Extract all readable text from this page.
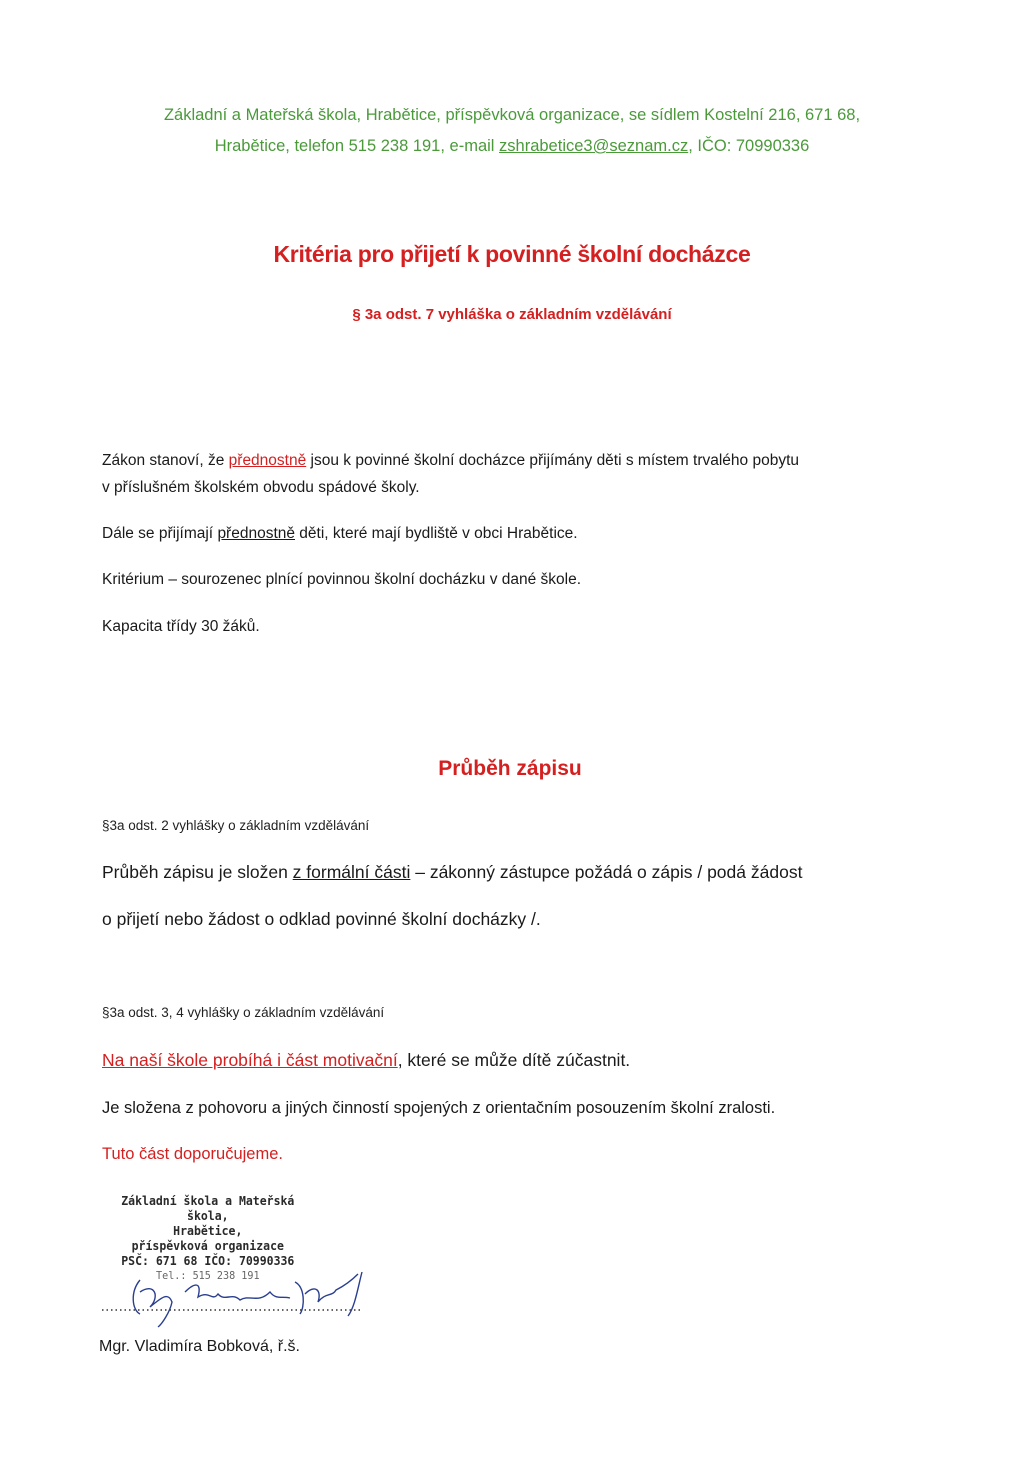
Základní a Mateřská škola, Hrabětice, příspěvková organizace, se sídlem Kostelní 216, 671 68,
Hrabětice, telefon 515 238 191, e-mail zshrabetice3@seznam.cz, IČO: 70990336
Kritéria pro přijetí k povinné školní docházce
§ 3a odst. 7 vyhláška o základním vzdělávání
Zákon stanoví, že přednostně jsou k povinné školní docházce přijímány děti s místem trvalého pobytu
v příslušném školském obvodu spádové školy.
Dále se přijímají přednostně děti, které mají bydliště v obci Hrabětice.
Kritérium – sourozenec plnící povinnou školní docházku v dané škole.
Kapacita třídy 30 žáků.
Průběh zápisu
§3a odst. 2 vyhlášky o základním vzdělávání
Průběh zápisu je složen z formální části – zákonný zástupce požádá o zápis / podá žádost
o přijetí nebo žádost o odklad povinné školní docházky /.
§3a odst. 3, 4 vyhlášky o základním vzdělávání
Na naší škole probíhá i část motivační, které se může dítě zúčastnit.
Je složena z pohovoru a jiných činností spojených z orientačním posouzením školní zralosti.
Tuto část doporučujeme.
Základní škola a Mateřská škola,
Hrabětice,
příspěvková organizace
PSČ: 671 68 IČO: 70990336
Tel.: 515 238 191
Mgr. Vladimíra Bobková, ř.š.
